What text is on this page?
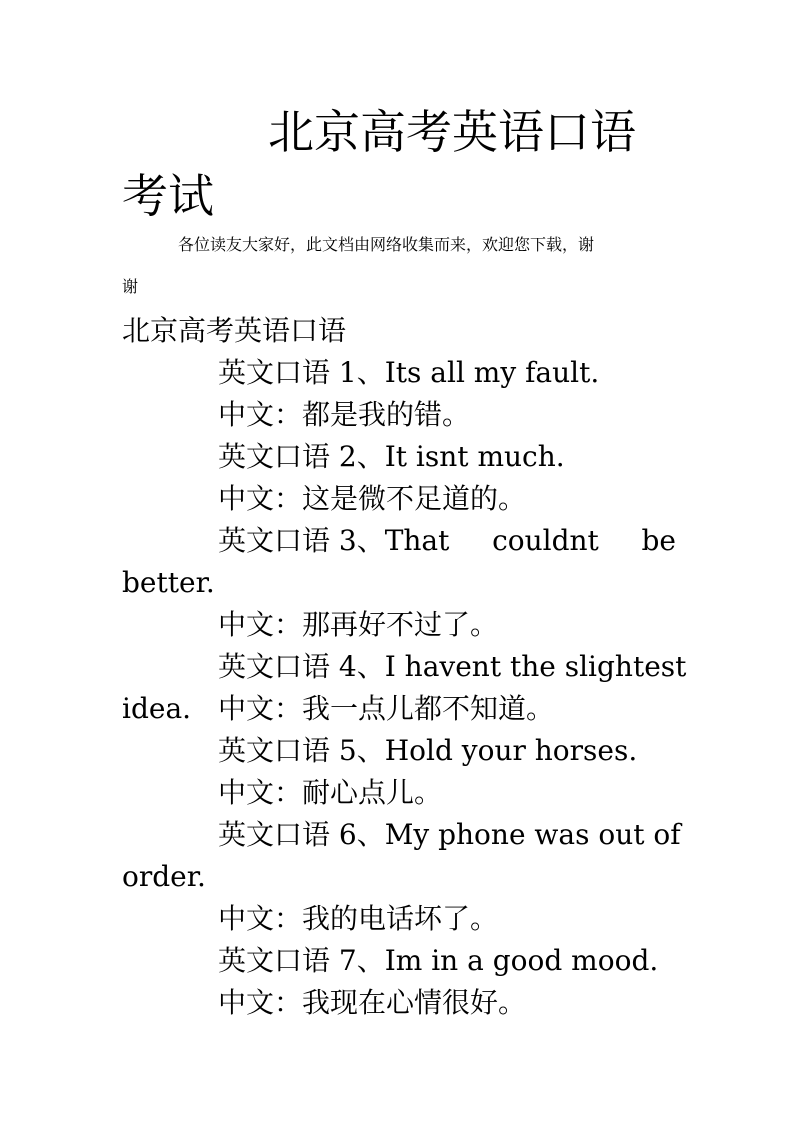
北京高考英语口语
考试
各位读友大家好，此文档由网络收集而来，欢迎您下载，谢
谢
北京高考英语口语
英文口语 1、Its all my fault.
中文：都是我的错。
英文口语 2、It isnt much.
中文：这是微不足道的。
英文口语 3、That couldnt be
better.
中文：那再好不过了。
英文口语 4、I havent the slightest
idea. 中文：我一点儿都不知道。
英文口语 5、Hold your horses.
中文：耐心点儿。
英文口语 6、My phone was out of
order.
中文：我的电话坏了。
英文口语 7、Im in a good mood.
中文：我现在心情很好。
